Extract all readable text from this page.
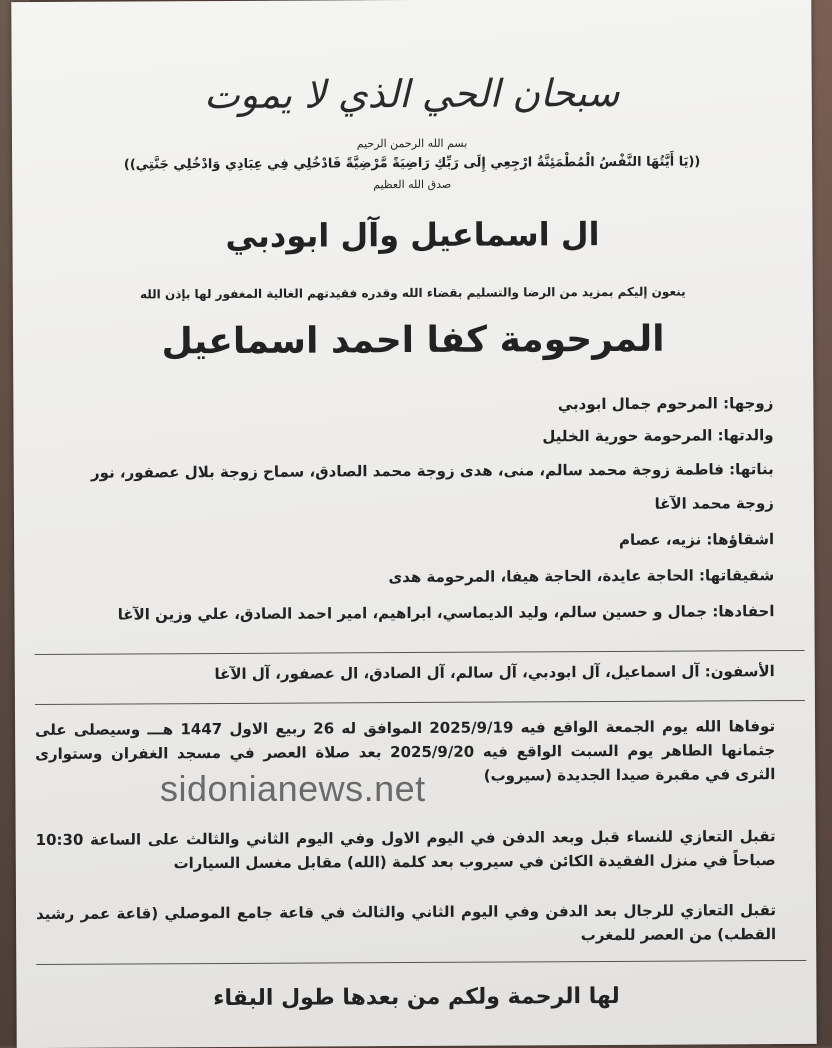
سبحان الحي الذي لا يموت
بسم الله الرحمن الرحيم
((يَا أَيَّتُهَا النَّفْسُ الْمُطْمَئِنَّةُ ارْجِعِي إِلَى رَبِّكِ رَاضِيَةً مَّرْضِيَّةً فَادْخُلِي فِي عِبَادِي وَادْخُلِي جَنَّتِي))
صدق الله العظيم
ال اسماعيل وآل ابودبي
ينعون إليكم بمزيد من الرضا والتسليم بقضاء الله وقدره فقيدتهم الغالية المغفور لها بإذن الله
المرحومة كفا احمد اسماعيل
زوجها: المرحوم جمال ابودبي
والدتها: المرحومة حورية الخليل
بناتها: فاطمة زوجة محمد سالم، منى، هدى زوجة محمد الصادق، سماح زوجة بلال عصفور، نور
زوجة محمد الآغا
اشقاؤها: نزيه، عصام
شقيقاتها: الحاجة عايدة، الحاجة هيفا، المرحومة هدى
احفادها: جمال و حسين سالم، وليد الديماسي، ابراهيم، امير احمد الصادق، علي وزين الآغا
الأسفون: آل اسماعيل، آل ابودبي، آل سالم، آل الصادق، ال عصفور، آل الآغا
توفاها الله يوم الجمعة الواقع فيه 2025/9/19 الموافق له 26 ربيع الاول 1447 هـــ وسيصلى على جثمانها الطاهر يوم السبت الواقع فيه 2025/9/20 بعد صلاة العصر في مسجد الغفران وستوارى الثرى في مقبرة صيدا الجديدة (سيروب)
تقبل التعازي للنساء قبل وبعد الدفن في اليوم الاول وفي اليوم الثاني والثالث على الساعة 10:30 صباحاً في منزل الفقيدة الكائن في سيروب بعد كلمة (الله) مقابل مغسل السيارات
تقبل التعازي للرجال بعد الدفن وفي اليوم الثاني والثالث في قاعة جامع الموصلي (قاعة عمر رشيد القطب) من العصر للمغرب
لها الرحمة ولكم من بعدها طول البقاء
sidonianews.net
